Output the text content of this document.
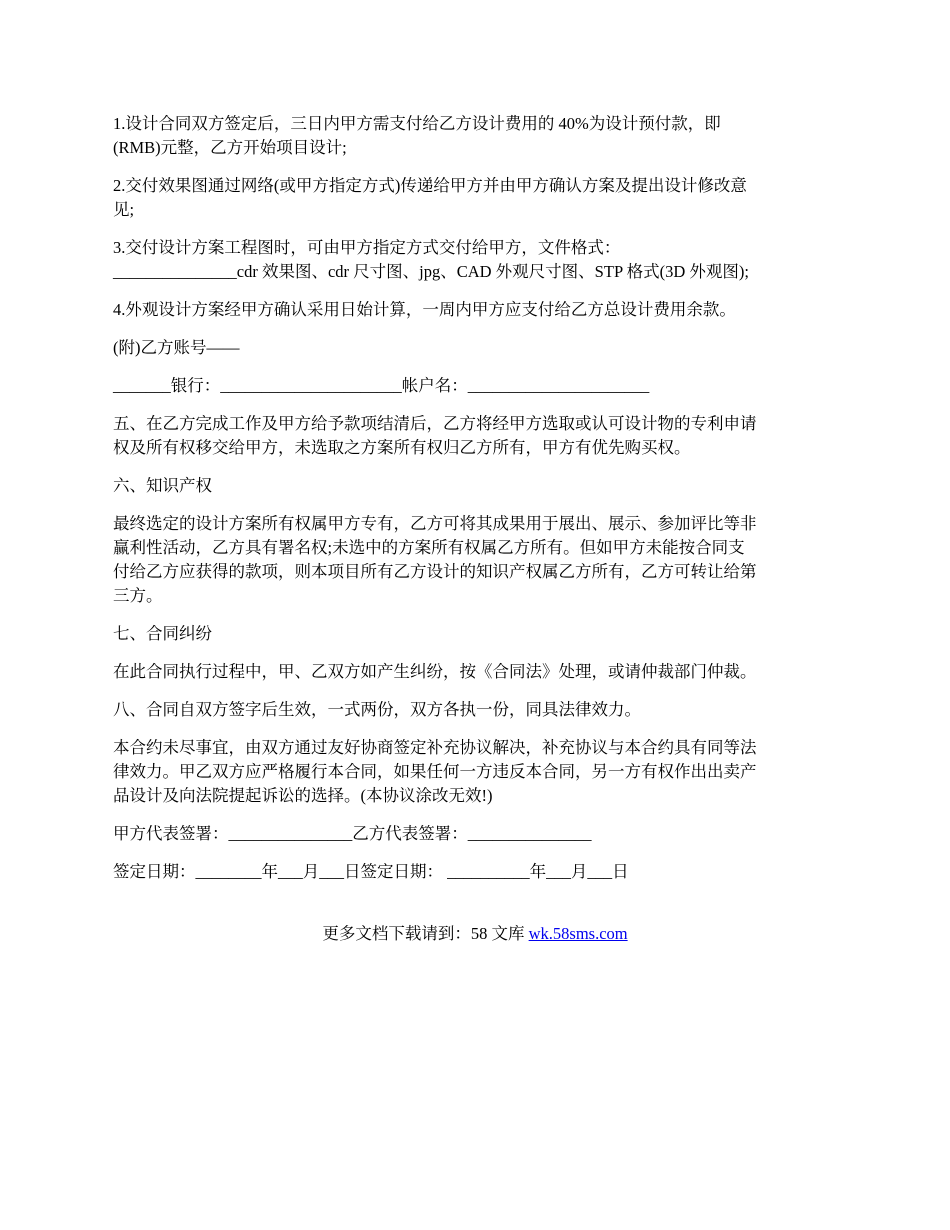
1.设计合同双方签定后，三日内甲方需支付给乙方设计费用的 40%为设计预付款，即
(RMB)元整，乙方开始项目设计;

2.交付效果图通过网络(或甲方指定方式)传递给甲方并由甲方确认方案及提出设计修改意
见;

3.交付设计方案工程图时，可由甲方指定方式交付给甲方，文件格式：
_______________cdr 效果图、cdr 尺寸图、jpg、CAD 外观尺寸图、STP 格式(3D 外观图);

4.外观设计方案经甲方确认采用日始计算，一周内甲方应支付给乙方总设计费用余款。

(附)乙方账号——

_______银行：______________________帐户名：______________________

五、在乙方完成工作及甲方给予款项结清后，乙方将经甲方选取或认可设计物的专利申请
权及所有权移交给甲方，未选取之方案所有权归乙方所有，甲方有优先购买权。

六、知识产权

最终选定的设计方案所有权属甲方专有，乙方可将其成果用于展出、展示、参加评比等非
赢利性活动，乙方具有署名权;未选中的方案所有权属乙方所有。但如甲方未能按合同支
付给乙方应获得的款项，则本项目所有乙方设计的知识产权属乙方所有，乙方可转让给第
三方。

七、合同纠纷

在此合同执行过程中，甲、乙双方如产生纠纷，按《合同法》处理，或请仲裁部门仲裁。

八、合同自双方签字后生效，一式两份，双方各执一份，同具法律效力。

本合约未尽事宜，由双方通过友好协商签定补充协议解决，补充协议与本合约具有同等法
律效力。甲乙双方应严格履行本合同，如果任何一方违反本合同，另一方有权作出出卖产
品设计及向法院提起诉讼的选择。(本协议涂改无效!)

甲方代表签署：_______________乙方代表签署：_______________

签定日期：________年___月___日签定日期： __________年___月___日

更多文档下载请到：58 文库 wk.58sms.com
